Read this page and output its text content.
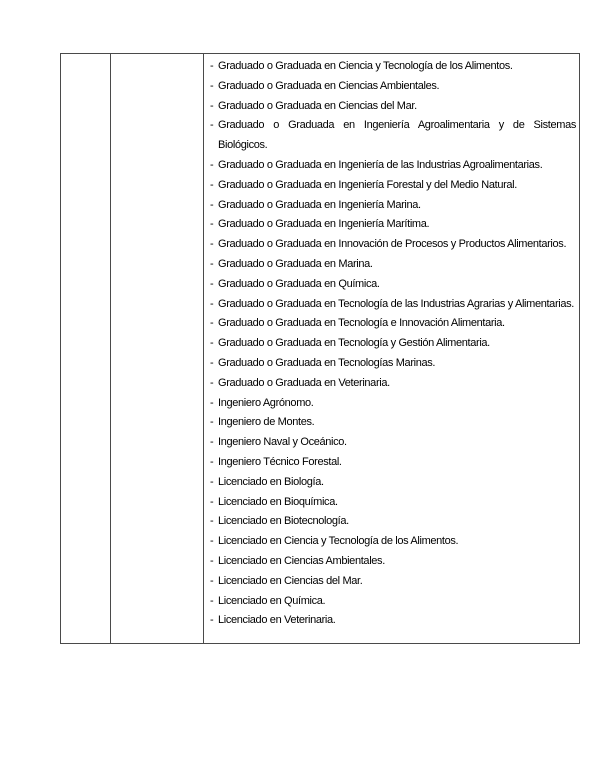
- Graduado o Graduada en Ciencia y Tecnología de los Alimentos.
- Graduado o Graduada en Ciencias Ambientales.
- Graduado o Graduada en Ciencias del Mar.
- Graduado o Graduada en Ingeniería Agroalimentaria y de Sistemas Biológicos.
- Graduado o Graduada en Ingeniería de las Industrias Agroalimentarias.
- Graduado o Graduada en Ingeniería Forestal y del Medio Natural.
- Graduado o Graduada en Ingeniería Marina.
- Graduado o Graduada en Ingeniería Marítima.
- Graduado o Graduada en Innovación de Procesos y Productos Alimentarios.
- Graduado o Graduada en Marina.
- Graduado o Graduada en Química.
- Graduado o Graduada en Tecnología de las Industrias Agrarias y Alimentarias.
- Graduado o Graduada en Tecnología e Innovación Alimentaria.
- Graduado o Graduada en Tecnología y Gestión Alimentaria.
- Graduado o Graduada en Tecnologías Marinas.
- Graduado o Graduada en Veterinaria.
- Ingeniero Agrónomo.
- Ingeniero de Montes.
- Ingeniero Naval y Oceánico.
- Ingeniero Técnico Forestal.
- Licenciado en Biología.
- Licenciado en Bioquímica.
- Licenciado en Biotecnología.
- Licenciado en Ciencia y Tecnología de los Alimentos.
- Licenciado en Ciencias Ambientales.
- Licenciado en Ciencias del Mar.
- Licenciado en Química.
- Licenciado en Veterinaria.
